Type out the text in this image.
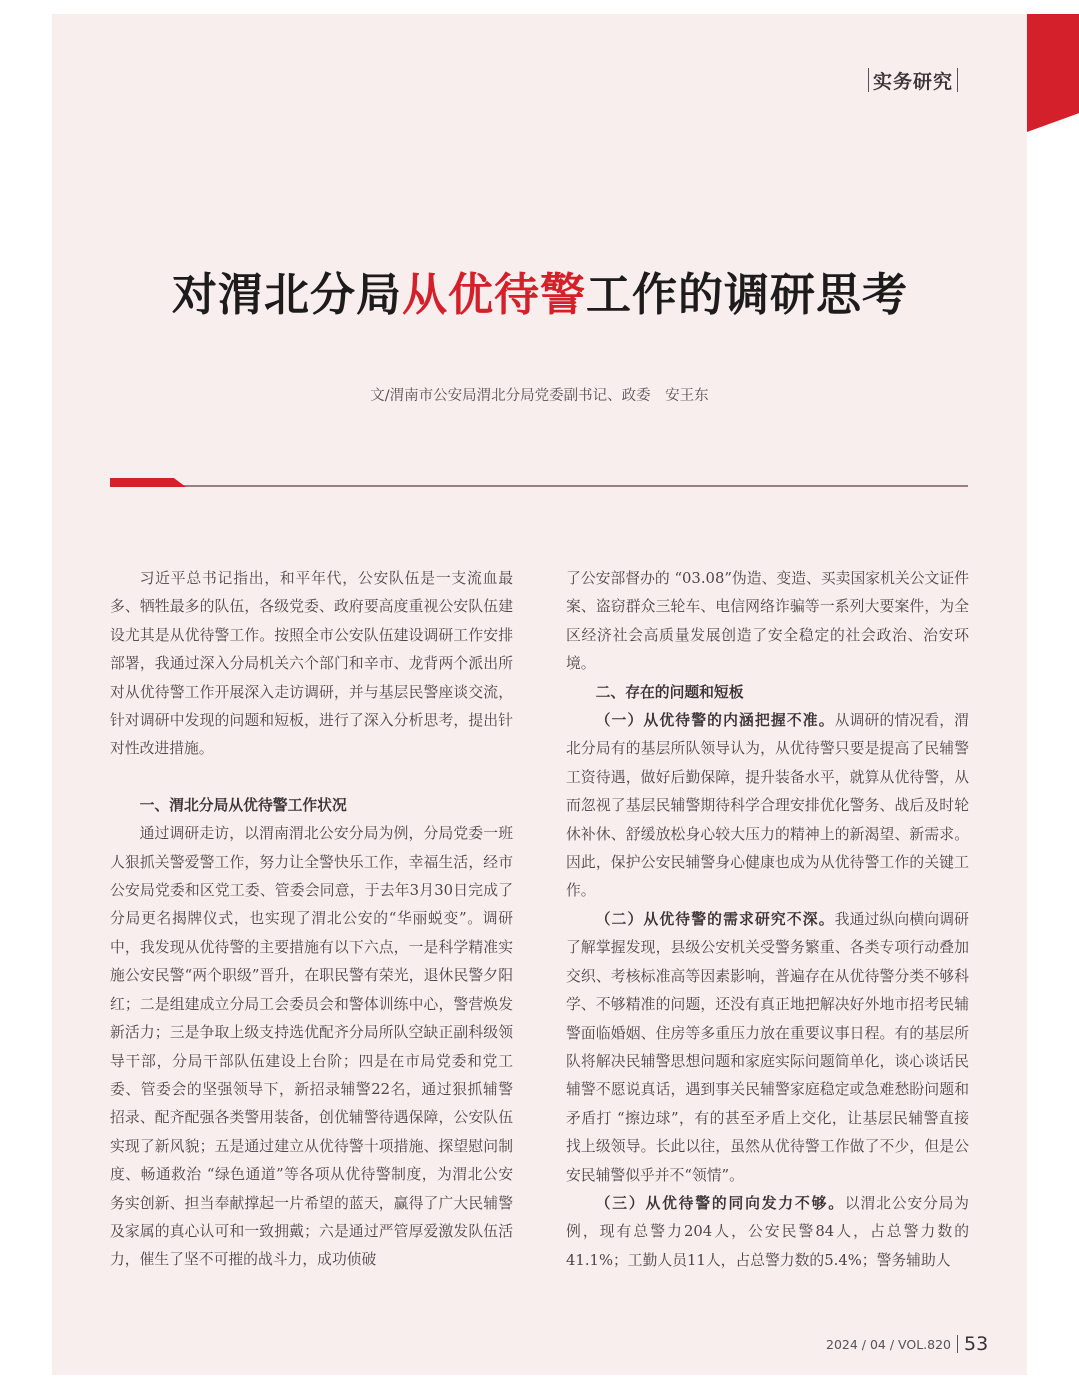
实务研究
对渭北分局从优待警工作的调研思考
文/渭南市公安局渭北分局党委副书记、政委　安王东

习近平总书记指出，和平年代，公安队伍是一支流血最多、牺牲最多的队伍，各级党委、政府要高度重视公安队伍建设尤其是从优待警工作。按照全市公安队伍建设调研工作安排部署，我通过深入分局机关六个部门和辛市、龙背两个派出所对从优待警工作开展深入走访调研，并与基层民警座谈交流，针对调研中发现的问题和短板，进行了深入分析思考，提出针对性改进措施。

一、渭北分局从优待警工作状况

通过调研走访，以渭南渭北公安分局为例，分局党委一班人狠抓关警爱警工作，努力让全警快乐工作，幸福生活，经市公安局党委和区党工委、管委会同意，于去年3月30日完成了分局更名揭牌仪式，也实现了渭北公安的“华丽蜕变”。调研中，我发现从优待警的主要措施有以下六点，一是科学精准实施公安民警“两个职级”晋升，在职民警有荣光，退休民警夕阳红；二是组建成立分局工会委员会和警体训练中心，警营焕发新活力；三是争取上级支持选优配齐分局所队空缺正副科级领导干部，分局干部队伍建设上台阶；四是在市局党委和党工委、管委会的坚强领导下，新招录辅警22名，通过狠抓辅警招录、配齐配强各类警用装备，创优辅警待遇保障，公安队伍实现了新风貌；五是通过建立从优待警十项措施、探望慰问制度、畅通救治 “绿色通道”等各项从优待警制度，为渭北公安务实创新、担当奉献撑起一片希望的蓝天，赢得了广大民辅警及家属的真心认可和一致拥戴；六是通过严管厚爱激发队伍活力，催生了坚不可摧的战斗力，成功侦破

了公安部督办的 “03.08”伪造、变造、买卖国家机关公文证件案、盗窃群众三轮车、电信网络诈骗等一系列大要案件，为全区经济社会高质量发展创造了安全稳定的社会政治、治安环境。

二、存在的问题和短板

（一）从优待警的内涵把握不准。从调研的情况看，渭北分局有的基层所队领导认为，从优待警只要是提高了民辅警工资待遇，做好后勤保障，提升装备水平，就算从优待警，从而忽视了基层民辅警期待科学合理安排优化警务、战后及时轮休补休、舒缓放松身心较大压力的精神上的新渴望、新需求。因此，保护公安民辅警身心健康也成为从优待警工作的关键工作。

（二）从优待警的需求研究不深。我通过纵向横向调研了解掌握发现，县级公安机关受警务繁重、各类专项行动叠加交织、考核标准高等因素影响，普遍存在从优待警分类不够科学、不够精准的问题，还没有真正地把解决好外地市招考民辅警面临婚姻、住房等多重压力放在重要议事日程。有的基层所队将解决民辅警思想问题和家庭实际问题简单化，谈心谈话民辅警不愿说真话，遇到事关民辅警家庭稳定或急难愁盼问题和矛盾打 “擦边球”，有的甚至矛盾上交化，让基层民辅警直接找上级领导。长此以往，虽然从优待警工作做了不少，但是公安民辅警似乎并不“领情”。

（三）从优待警的同向发力不够。以渭北公安分局为例，现有总警力204人，公安民警84人，占总警力数的41.1%；工勤人员11人，占总警力数的5.4%；警务辅助人

2024 / 04 / VOL.820 53
